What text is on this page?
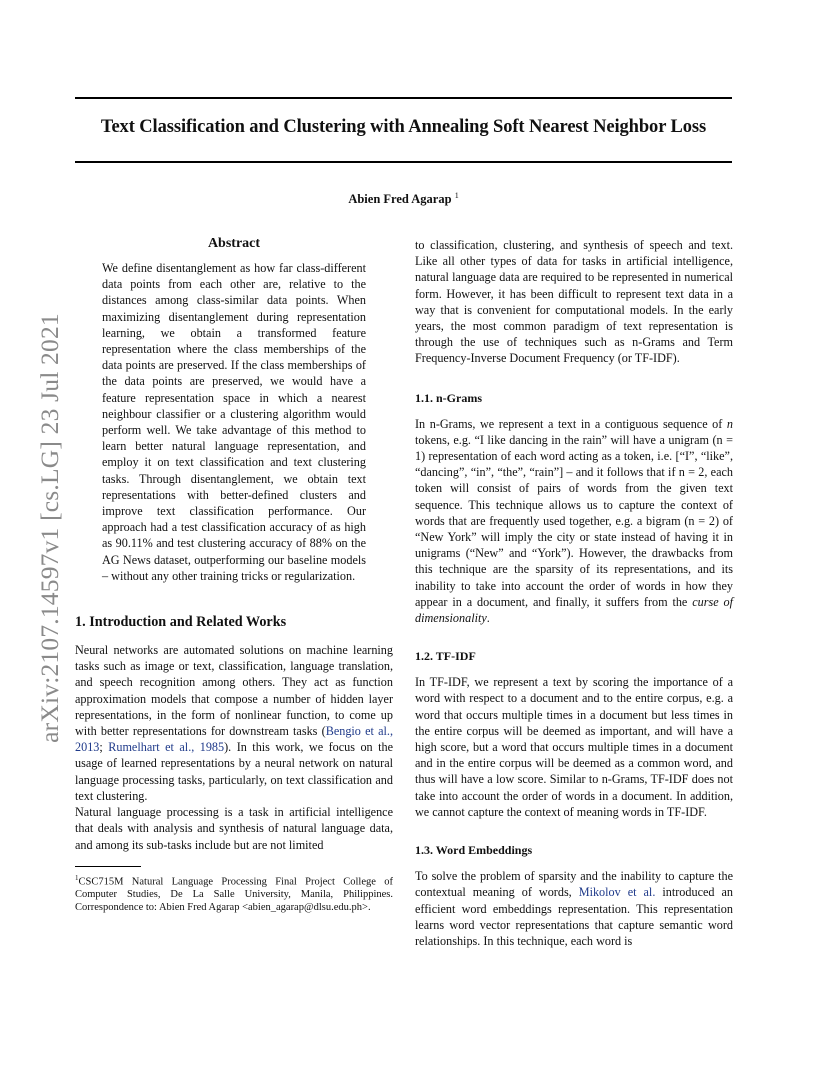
Text Classification and Clustering with Annealing Soft Nearest Neighbor Loss
Abien Fred Agarap $^1$
arXiv:2107.14597v1 [cs.LG] 23 Jul 2021
Abstract
We define disentanglement as how far class-different data points from each other are, relative to the distances among class-similar data points. When maximizing disentanglement during representation learning, we obtain a transformed feature representation where the class memberships of the data points are preserved. If the class memberships of the data points are preserved, we would have a feature representation space in which a nearest neighbour classifier or a clustering algorithm would perform well. We take advantage of this method to learn better natural language representation, and employ it on text classification and text clustering tasks. Through disentanglement, we obtain text representations with better-defined clusters and improve text classification performance. Our approach had a test classification accuracy of as high as 90.11% and test clustering accuracy of 88% on the AG News dataset, outperforming our baseline models – without any other training tricks or regularization.
1. Introduction and Related Works

Neural networks are automated solutions on machine learning tasks such as image or text, classification, language translation, and speech recognition among others. They act as function approximation models that compose a number of hidden layer representations, in the form of nonlinear function, to come up with better representations for downstream tasks (Bengio et al., 2013; Rumelhart et al., 1985). In this work, we focus on the usage of learned representations by a neural network on natural language processing tasks, particularly, on text classification and text clustering.

Natural language processing is a task in artificial intelligence that deals with analysis and synthesis of natural language data, and among its sub-tasks include but are not limited

$^1$CSC715M Natural Language Processing Final Project College of Computer Studies, De La Salle University, Manila, Philippines. Correspondence to: Abien Fred Agarap <abien_agarap@dlsu.edu.ph>.

to classification, clustering, and synthesis of speech and text. Like all other types of data for tasks in artificial intelligence, natural language data are required to be represented in numerical form. However, it has been difficult to represent text data in a way that is convenient for computational models. In the early years, the most common paradigm of text representation is through the use of techniques such as n-Grams and Term Frequency-Inverse Document Frequency (or TF-IDF).

1.1. n-Grams

In n-Grams, we represent a text in a contiguous sequence of n tokens, e.g. “I like dancing in the rain” will have a unigram (n = 1) representation of each word acting as a token, i.e. [“I”, “like”, “dancing”, “in”, “the”, “rain”] – and it follows that if n = 2, each token will consist of pairs of words from the given text sequence. This technique allows us to capture the context of words that are frequently used together, e.g. a bigram (n = 2) of “New York” will imply the city or state instead of having it in unigrams (“New” and “York”). However, the drawbacks from this technique are the sparsity of its representations, and its inability to take into account the order of words in how they appear in a document, and finally, it suffers from the curse of dimensionality.

1.2. TF-IDF

In TF-IDF, we represent a text by scoring the importance of a word with respect to a document and to the entire corpus, e.g. a word that occurs multiple times in a document but less times in the entire corpus will be deemed as important, and will have a high score, but a word that occurs multiple times in a document and in the entire corpus will be deemed as a common word, and thus will have a low score. Similar to n-Grams, TF-IDF does not take into account the order of words in a document. In addition, we cannot capture the context of meaning words in TF-IDF.

1.3. Word Embeddings

To solve the problem of sparsity and the inability to capture the contextual meaning of words, Mikolov et al. introduced an efficient word embeddings representation. This representation learns word vector representations that capture semantic word relationships. In this technique, each word is
